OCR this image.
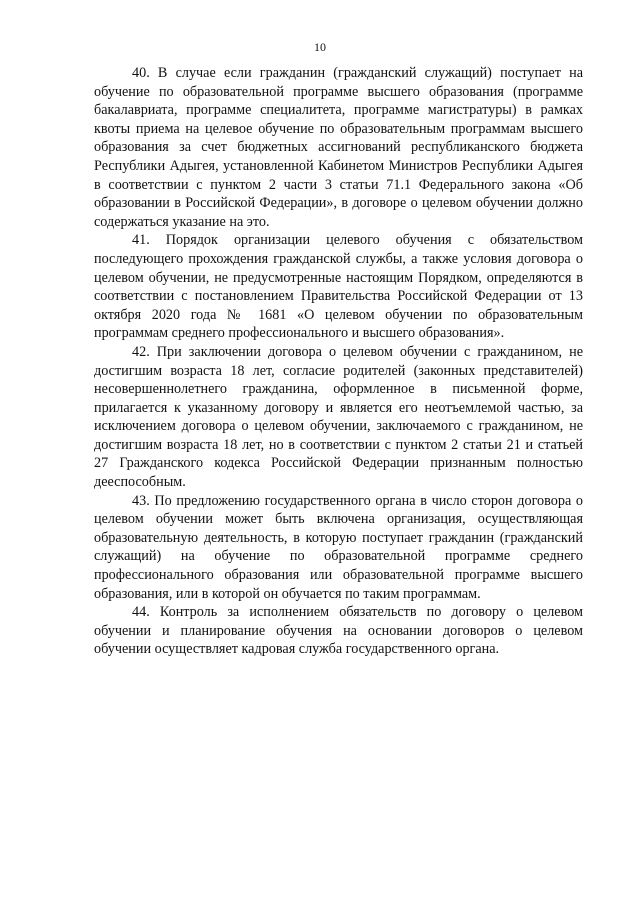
10

40. В случае если гражданин (гражданский служащий) поступает на обучение по образовательной программе высшего образования (программе бакалавриата, программе специалитета, программе магистратуры) в рамках квоты приема на целевое обучение по образовательным программам высшего образования за счет бюджетных ассигнований республиканского бюджета Республики Адыгея, установленной Кабинетом Министров Республики Адыгея в соответствии с пунктом 2 части 3 статьи 71.1 Федерального закона «Об образовании в Российской Федерации», в договоре о целевом обучении должно содержаться указание на это.

41. Порядок организации целевого обучения с обязательством последующего прохождения гражданской службы, а также условия договора о целевом обучении, не предусмотренные настоящим Порядком, определяются в соответствии с постановлением Правительства Российской Федерации от 13 октября 2020 года № 1681 «О целевом обучении по образовательным программам среднего профессионального и высшего образования».

42. При заключении договора о целевом обучении с гражданином, не достигшим возраста 18 лет, согласие родителей (законных представителей) несовершеннолетнего гражданина, оформленное в письменной форме, прилагается к указанному договору и является его неотъемлемой частью, за исключением договора о целевом обучении, заключаемого с гражданином, не достигшим возраста 18 лет, но в соответствии с пунктом 2 статьи 21 и статьей 27 Гражданского кодекса Российской Федерации признанным полностью дееспособным.

43. По предложению государственного органа в число сторон договора о целевом обучении может быть включена организация, осуществляющая образовательную деятельность, в которую поступает гражданин (гражданский служащий) на обучение по образовательной программе среднего профессионального образования или образовательной программе высшего образования, или в которой он обучается по таким программам.

44. Контроль за исполнением обязательств по договору о целевом обучении и планирование обучения на основании договоров о целевом обучении осуществляет кадровая служба государственного органа.
